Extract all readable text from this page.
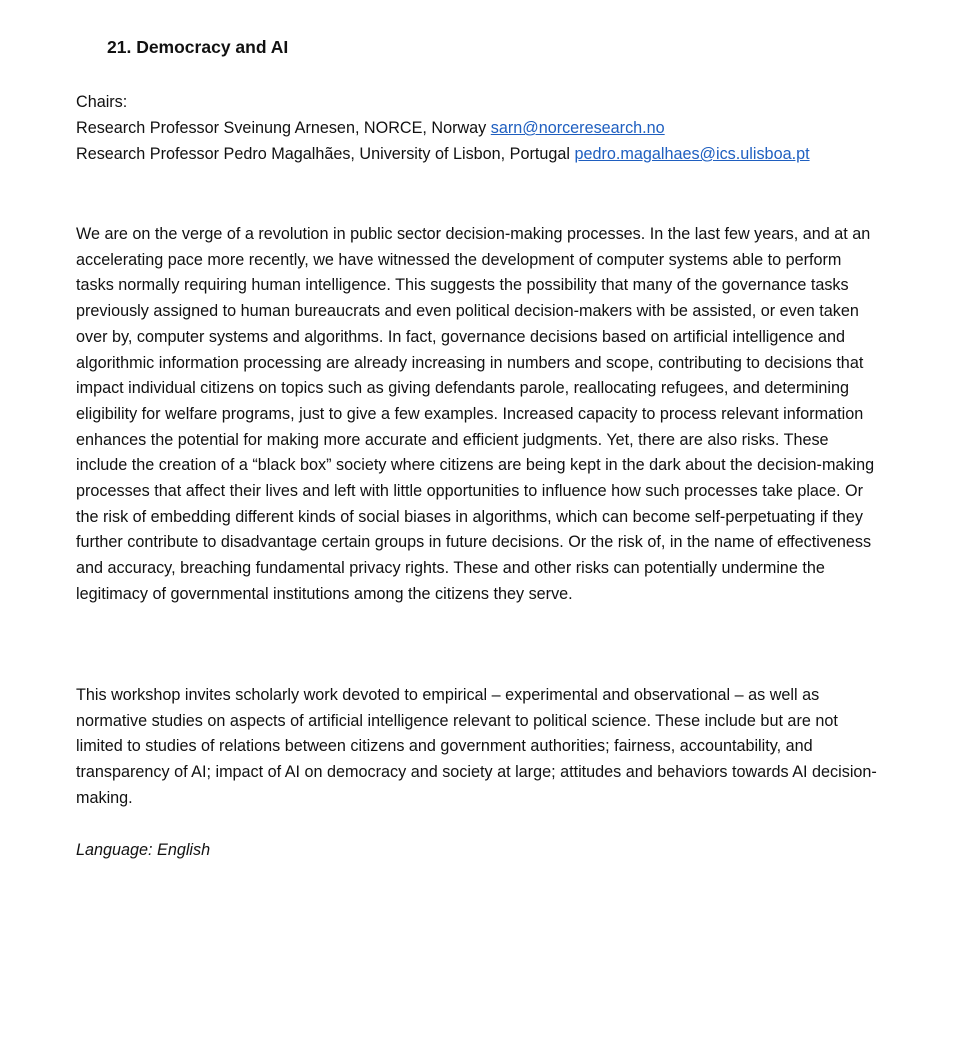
21. Democracy and AI
Chairs:
Research Professor Sveinung Arnesen, NORCE, Norway sarn@norceresearch.no
Research Professor Pedro Magalhães, University of Lisbon, Portugal pedro.magalhaes@ics.ulisboa.pt

We are on the verge of a revolution in public sector decision-making processes. In the last few years, and at an accelerating pace more recently, we have witnessed the development of computer systems able to perform tasks normally requiring human intelligence. This suggests the possibility that many of the governance tasks previously assigned to human bureaucrats and even political decision-makers with be assisted, or even taken over by, computer systems and algorithms. In fact, governance decisions based on artificial intelligence and algorithmic information processing are already increasing in numbers and scope, contributing to decisions that impact individual citizens on topics such as giving defendants parole, reallocating refugees, and determining eligibility for welfare programs, just to give a few examples. Increased capacity to process relevant information enhances the potential for making more accurate and efficient judgments. Yet, there are also risks. These include the creation of a “black box” society where citizens are being kept in the dark about the decision-making processes that affect their lives and left with little opportunities to influence how such processes take place. Or the risk of embedding different kinds of social biases in algorithms, which can become self-perpetuating if they further contribute to disadvantage certain groups in future decisions. Or the risk of, in the name of effectiveness and accuracy, breaching fundamental privacy rights. These and other risks can potentially undermine the legitimacy of governmental institutions among the citizens they serve.

This workshop invites scholarly work devoted to empirical – experimental and observational – as well as normative studies on aspects of artificial intelligence relevant to political science. These include but are not limited to studies of relations between citizens and government authorities; fairness, accountability, and transparency of AI; impact of AI on democracy and society at large; attitudes and behaviors towards AI decision-making.

Language: English
